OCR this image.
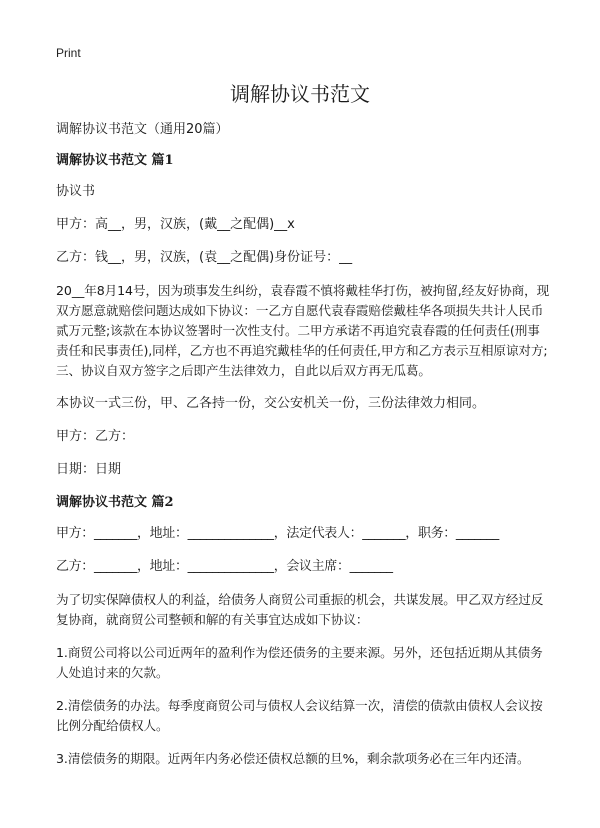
Print
调解协议书范文

调解协议书范文（通用20篇）

调解协议书范文 篇1

协议书

甲方：高__，男，汉族，(戴__之配偶)__x

乙方：钱__，男，汉族，(袁__之配偶)身份证号：__

20__年8月14号，因为琐事发生纠纷，袁春霞不慎将戴桂华打伤，被拘留,经友好协商，现双方愿意就赔偿问题达成如下协议：一乙方自愿代袁春霞赔偿戴桂华各项损失共计人民币贰万元整;该款在本协议签署时一次性支付。二甲方承诺不再追究袁春霞的任何责任(刑事责任和民事责任),同样，乙方也不再追究戴桂华的任何责任,甲方和乙方表示互相原谅对方;三、协议自双方签字之后即产生法律效力，自此以后双方再无瓜葛。

本协议一式三份，甲、乙各持一份，交公安机关一份，三份法律效力相同。

甲方：乙方：

日期：日期

调解协议书范文 篇2

甲方：_______，地址：______________，法定代表人：_______，职务：_______

乙方：_______，地址：______________，会议主席：_______

为了切实保障债权人的利益，给债务人商贸公司重振的机会，共谋发展。甲乙双方经过反复协商，就商贸公司整顿和解的有关事宜达成如下协议：

1.商贸公司将以公司近两年的盈利作为偿还债务的主要来源。另外，还包括近期从其债务人处追讨来的欠款。

2.清偿债务的办法。每季度商贸公司与债权人会议结算一次，清偿的债款由债权人会议按比例分配给债权人。

3.清偿债务的期限。近两年内务必偿还债权总额的旦%，剩余款项务必在三年内还清。
